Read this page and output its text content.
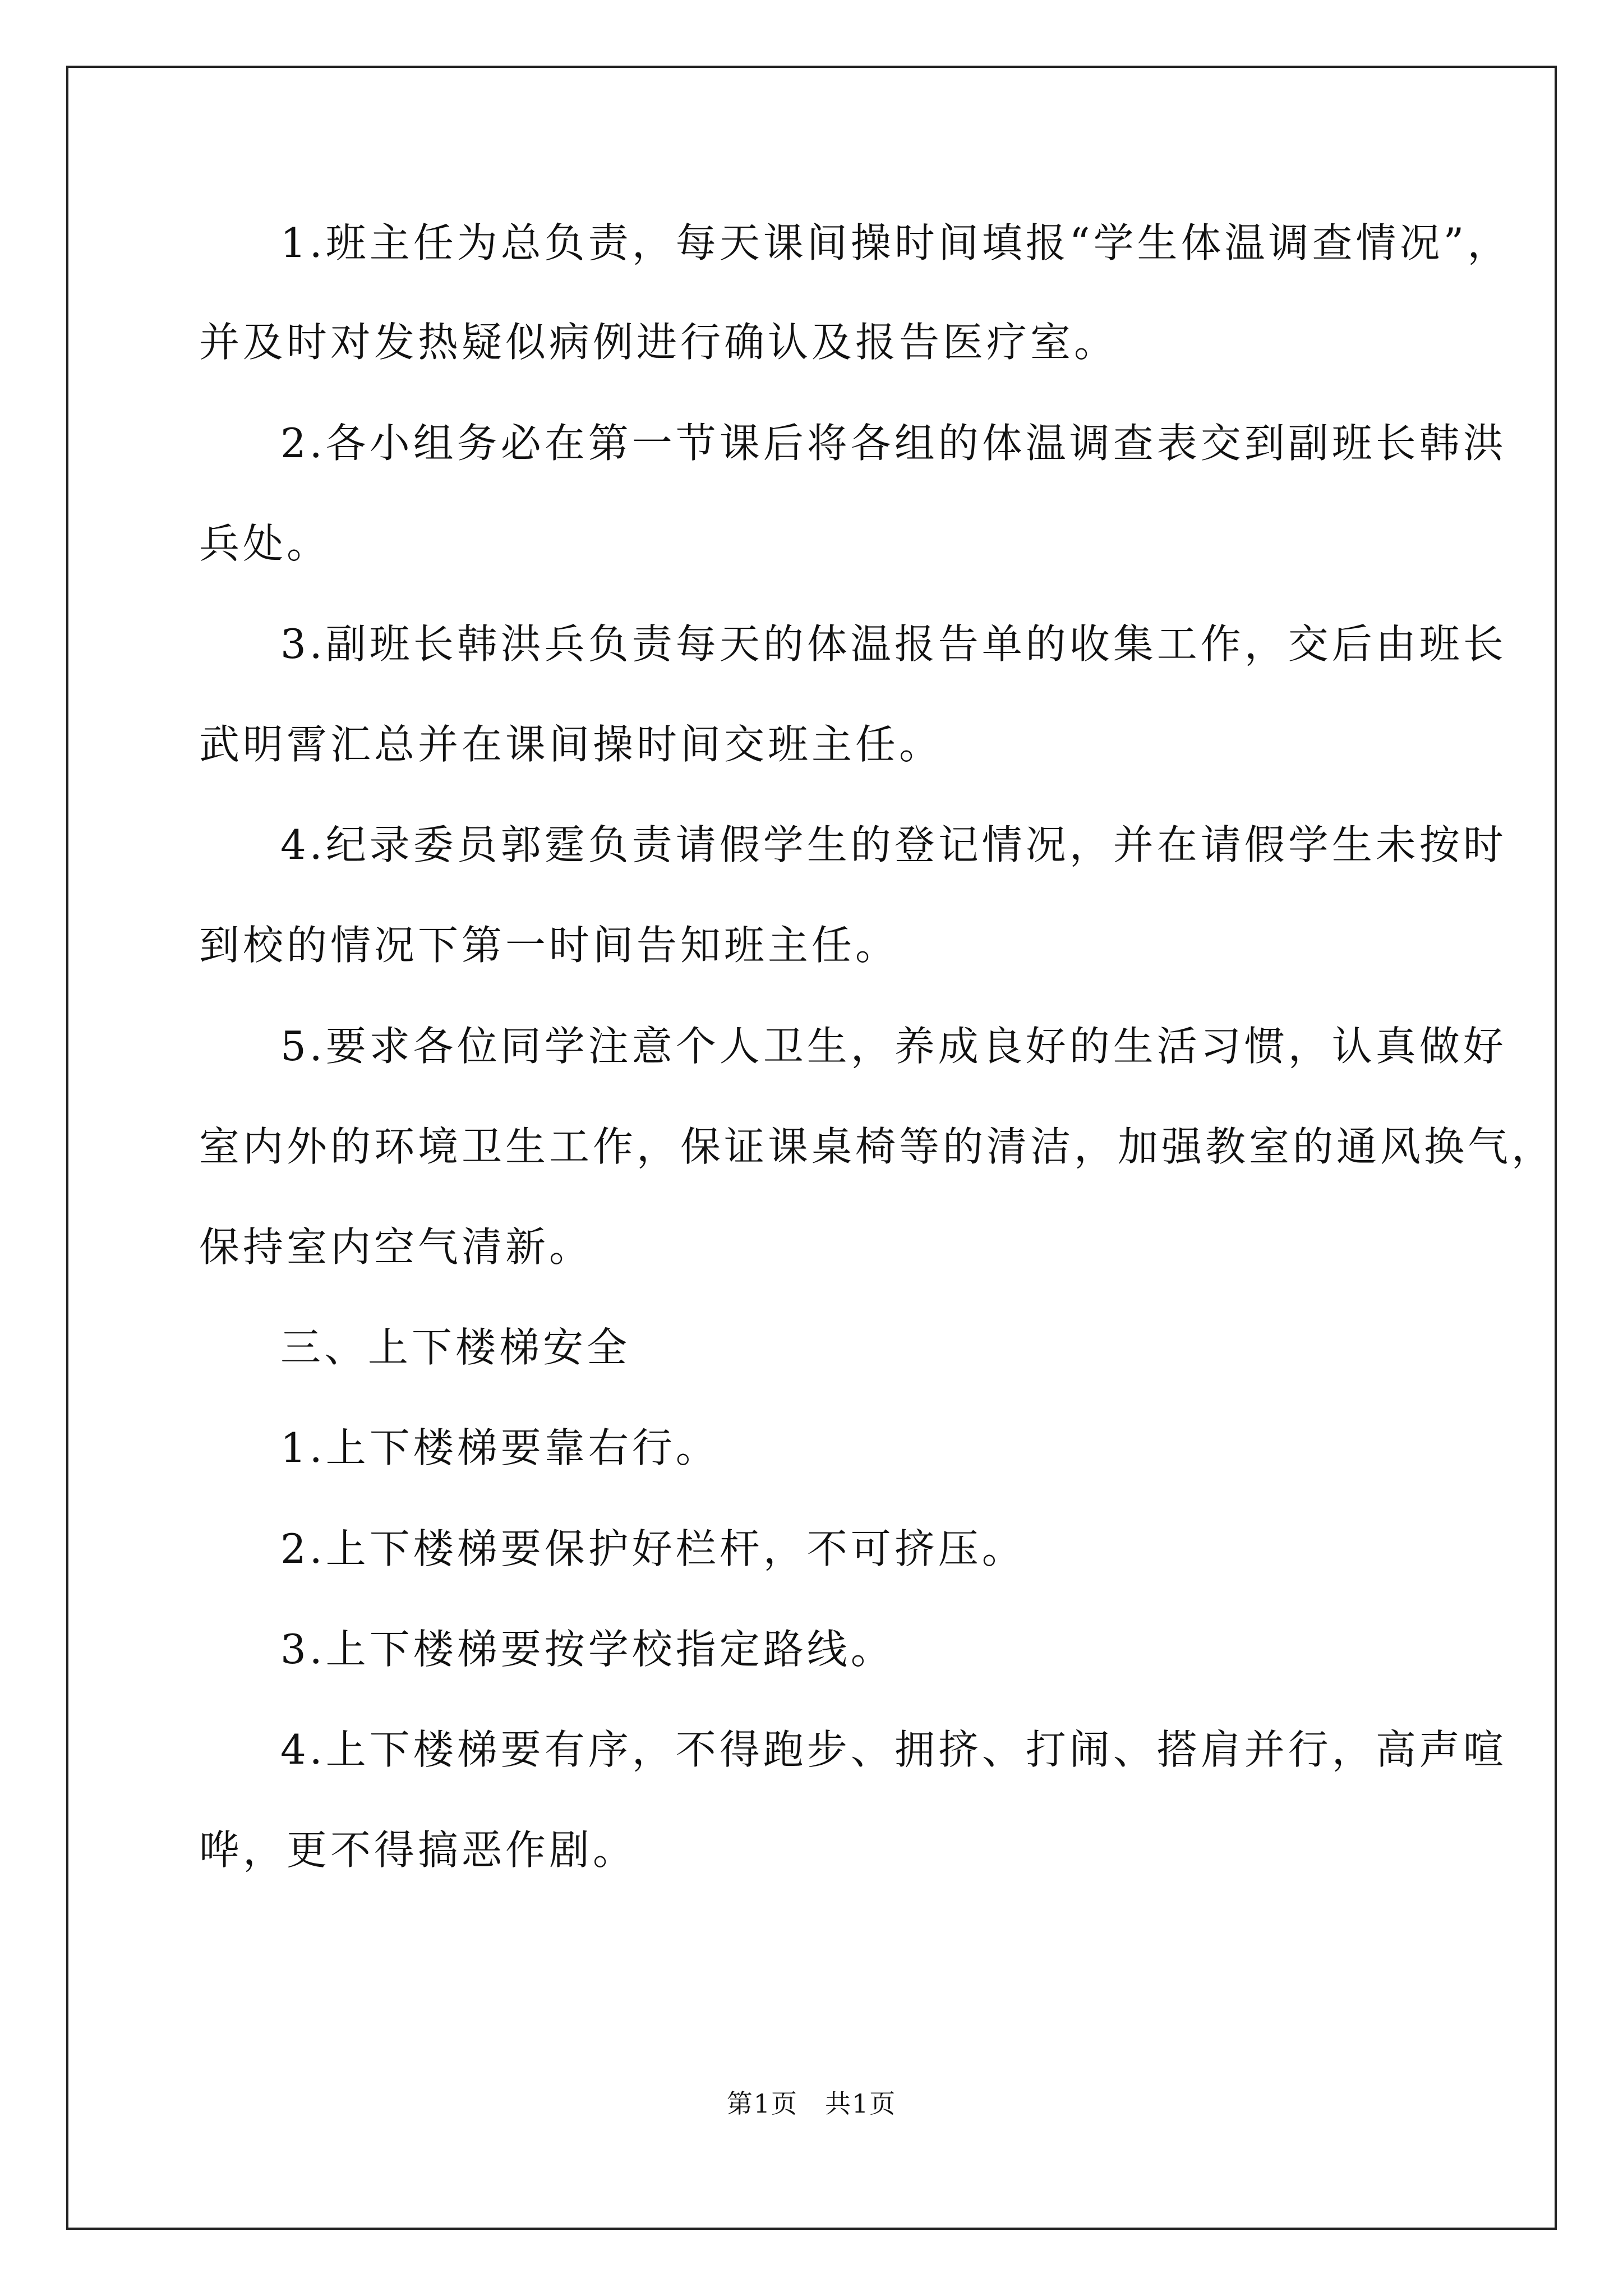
1.班主任为总负责，每天课间操时间填报“学生体温调查情况”，
并及时对发热疑似病例进行确认及报告医疗室。
2.各小组务必在第一节课后将各组的体温调查表交到副班长韩洪
兵处。
3.副班长韩洪兵负责每天的体温报告单的收集工作，交后由班长
武明霄汇总并在课间操时间交班主任。
4.纪录委员郭霆负责请假学生的登记情况，并在请假学生未按时
到校的情况下第一时间告知班主任。
5.要求各位同学注意个人卫生，养成良好的生活习惯，认真做好
室内外的环境卫生工作，保证课桌椅等的清洁，加强教室的通风换气，
保持室内空气清新。
三、上下楼梯安全
1.上下楼梯要靠右行。
2.上下楼梯要保护好栏杆，不可挤压。
3.上下楼梯要按学校指定路线。
4.上下楼梯要有序，不得跑步、拥挤、打闹、搭肩并行，高声喧
哗，更不得搞恶作剧。
第1页　共1页
